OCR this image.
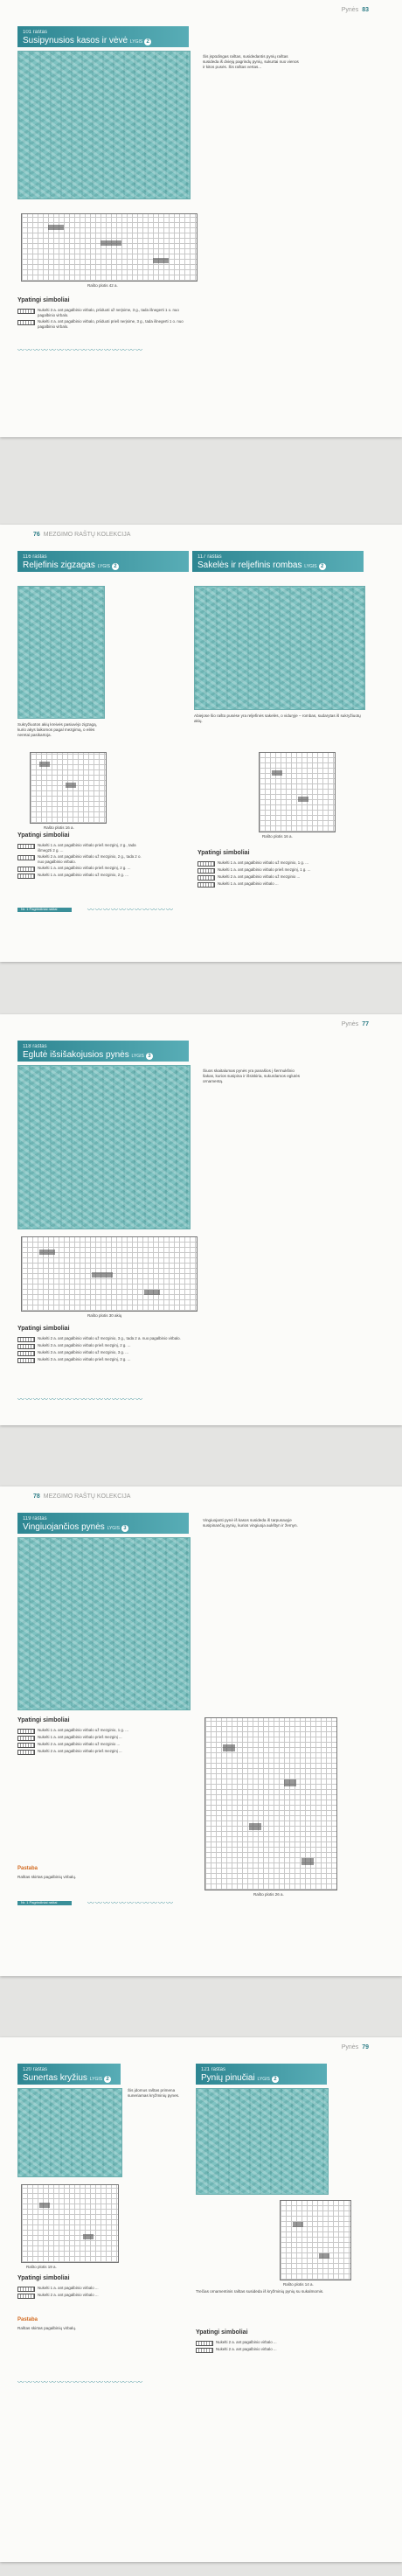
Pynės 83
101 raštas
Susipynusios kasos ir vėvė LYGIS 2

Šis įspūdingas raštas, susidedantis pynių raštas susideda iš dviejų pagrindų pynių, sukurtai nuo vienos ir kitos pusės. Šis raštas vertas...

Rašto plotis 42 a.
Ypatingi simboliai
Nukelti 3 a. ant pagalbinio virbalo, priiduoti už nerįsime, 3 g., tada išnegerti 1 o. nuo pagalbinio virbalo.
Nukelti 4 a. ant pagalbinio virbalo, priiduoti prieš nerįsime, 3 g., tada išnegerti 1 o. nuo pagalbinio virbalo.
〰〰〰〰〰〰〰〰〰〰〰〰〰〰〰〰
76 MEZGIMO RAŠTŲ KOLEKCIJA
116 raštas
Reljefinis zigzagas LYGIS 2
117 raštas
Sakelės ir reljefinis rombas LYGIS 2

Sukryžiuotos akių kreivės pasiuvėjo zigzagą, kurio akys laikomos pagal mezgimą, o eilės neretai pasikartoja.

Abiejose šio rašto pusėse yra reljefinės sakelės, o viduryje – rombas, sudarytas iš sukryžiuotų akių.

Rašto plotis 16 a.
Rašto plotis 16 a.
Ypatingi simboliai
Nukelti 1 a. ant pagalbinio virbalo prieš mezginį, 2 g., tada išmegzti 2 g. ...
Nukelti 2 a. ant pagalbinio virbalo už mezginio, 2 g., tada 2 o. nuo pagalbinio virbalo.
Nukelti 1 a. ant pagalbinio virbalo prieš mezginį, 2 g. ...
Nukelti 1 a. ant pagalbinio virbalo už mezginio, 2 g. ...
Ypatingi simboliai
Nukelti 1 a. ant pagalbinio virbalo už mezginio, 1 g. ...
Nukelti 1 a. ant pagalbinio virbalo prieš mezginį, 1 g. ...
Nukelti 2 a. ant pagalbinio virbalo už mezginio ...
Nukelti 1 a. ant pagalbinio virbalo ...
Nr. 1 Pagrindiniai raštai	〰〰〰〰〰〰〰〰〰〰〰
Pynės 77
118 raštas
Eglutė išsišakojusios pynės LYGIS 3

Šiuos skaitalumas pynės yra panašios į šermukšnio šakas, kurios susipina ir išsiskiria, sukurdamos eglutės ornamentą.

Rašto plotis 30 akių
Ypatingi simboliai
Nukelti 2 a. ant pagalbinio virbalo už mezginio, 3 g., tada 2 a. nuo pagalbinio virbalo.
Nukelti 3 a. ant pagalbinio virbalo prieš mezginį, 2 g. ...
Nukelti 3 a. ant pagalbinio virbalo už mezginio, 3 g. ...
Nukelti 3 a. ant pagalbinio virbalo prieš mezginį, 3 g. ...
〰〰〰〰〰〰〰〰〰〰〰〰〰〰〰〰
78 MEZGIMO RAŠTŲ KOLEKCIJA
119 raštas
Vingiuojančios pynės LYGIS 3

Vingiuojanti pynė iš kasos susideda iš tarpusavyje susipinančių pynių, kurios vingiuoja aukštyn ir žemyn.

Ypatingi simboliai
Nukelti 1 a. ant pagalbinio virbalo už mezginio, 1 g. ...
Nukelti 1 a. ant pagalbinio virbalo prieš mezginį ...
Nukelti 2 a. ant pagalbinio virbalo už mezginio ...
Nukelti 2 a. ant pagalbinio virbalo prieš mezginį ...
Pastaba

Raštas skirtas pagalbinių virbalų.

Rašto plotis 26 a.
Nr. 1 Pagrindiniai raštai	〰〰〰〰〰〰〰〰〰〰〰
Pynės 79
120 raštas
Sunertas kryžius LYGIS 2
121 raštas
Pynių pinučiai LYGIS 2

Šis įdomus raštas primena suneriamas kryžminių pynes.

Rašto plotis 19 a.
Rašto plotis 14 a.

Trečias ornamentinis raštas susideda iš kryžminių pynių su sukalmomis.

Ypatingi simboliai
Nukelti 1 a. ant pagalbinio virbalo ...
Nukelti 2 a. ant pagalbinio virbalo ...
Pastaba

Raštas skirtas pagalbinių virbalų.

Ypatingi simboliai
Nukelti 2 a. ant pagalbinio virbalo ...
Nukelti 2 a. ant pagalbinio virbalo ...
〰〰〰〰〰〰〰〰〰〰〰〰〰〰〰〰
